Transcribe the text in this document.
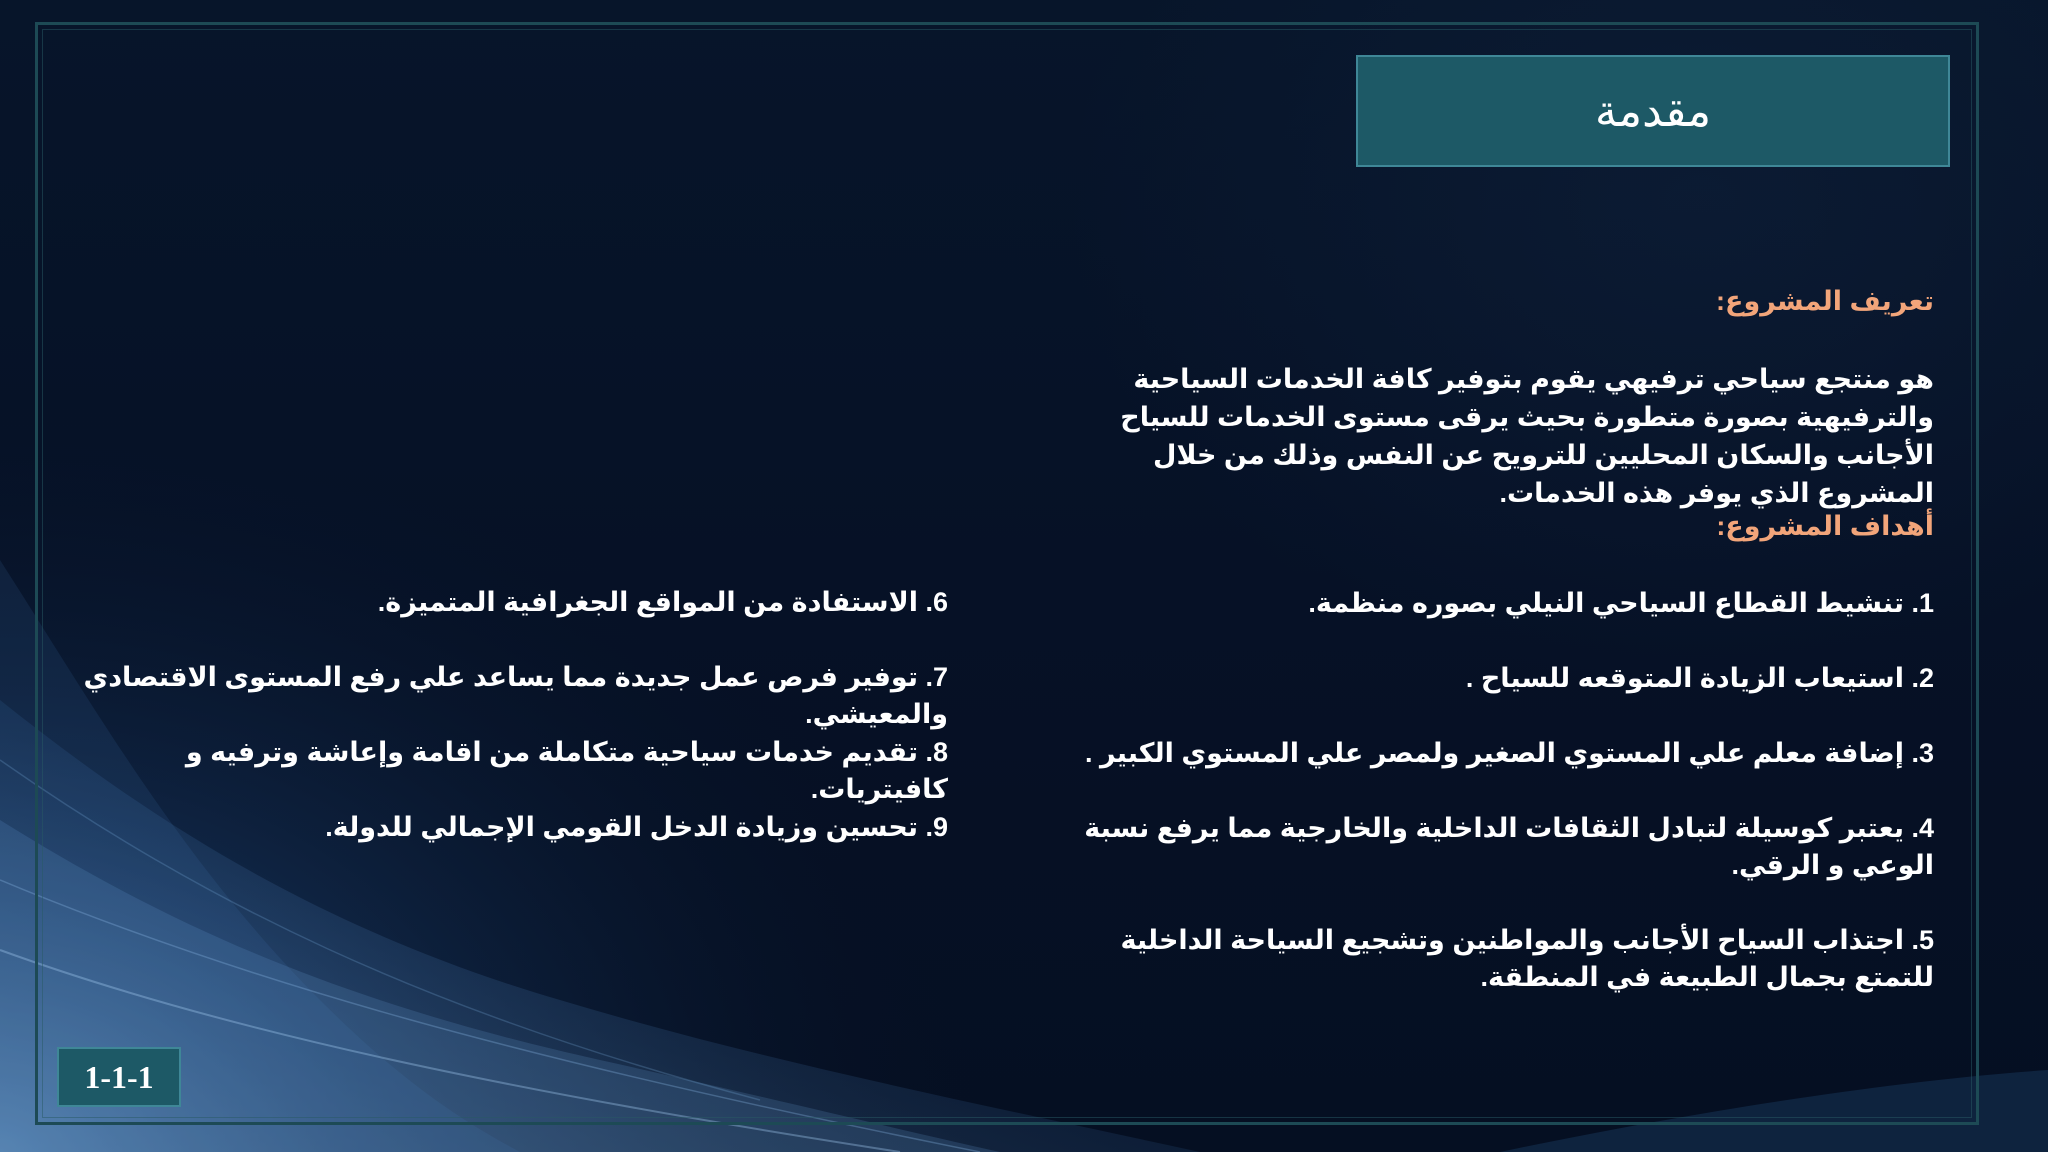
مقدمة
تعريف المشروع:
هو منتجع سياحي ترفيهي يقوم بتوفير كافة الخدمات السياحية والترفيهية بصورة متطورة بحيث يرقى مستوى الخدمات للسياح الأجانب والسكان المحليين للترويح عن النفس وذلك من خلال المشروع الذي يوفر هذه الخدمات.
أهداف المشروع:
1. تنشيط القطاع السياحي النيلي بصوره منظمة.
2. استيعاب الزيادة المتوقعه للسياح .
3. إضافة معلم علي المستوي الصغير ولمصر علي المستوي الكبير .
4. يعتبر كوسيلة لتبادل الثقافات الداخلية والخارجية مما يرفع نسبة الوعي و الرقي.
5. اجتذاب السياح الأجانب والمواطنين وتشجيع السياحة الداخلية للتمتع بجمال الطبيعة في المنطقة.
6. الاستفادة من المواقع الجغرافية المتميزة.
7. توفير فرص عمل جديدة مما يساعد علي رفع المستوى الاقتصادي والمعيشي.
8. تقديم خدمات سياحية متكاملة من اقامة وإعاشة وترفيه و كافيتريات.
9. تحسين وزيادة الدخل القومي الإجمالي للدولة.
1-1-1
